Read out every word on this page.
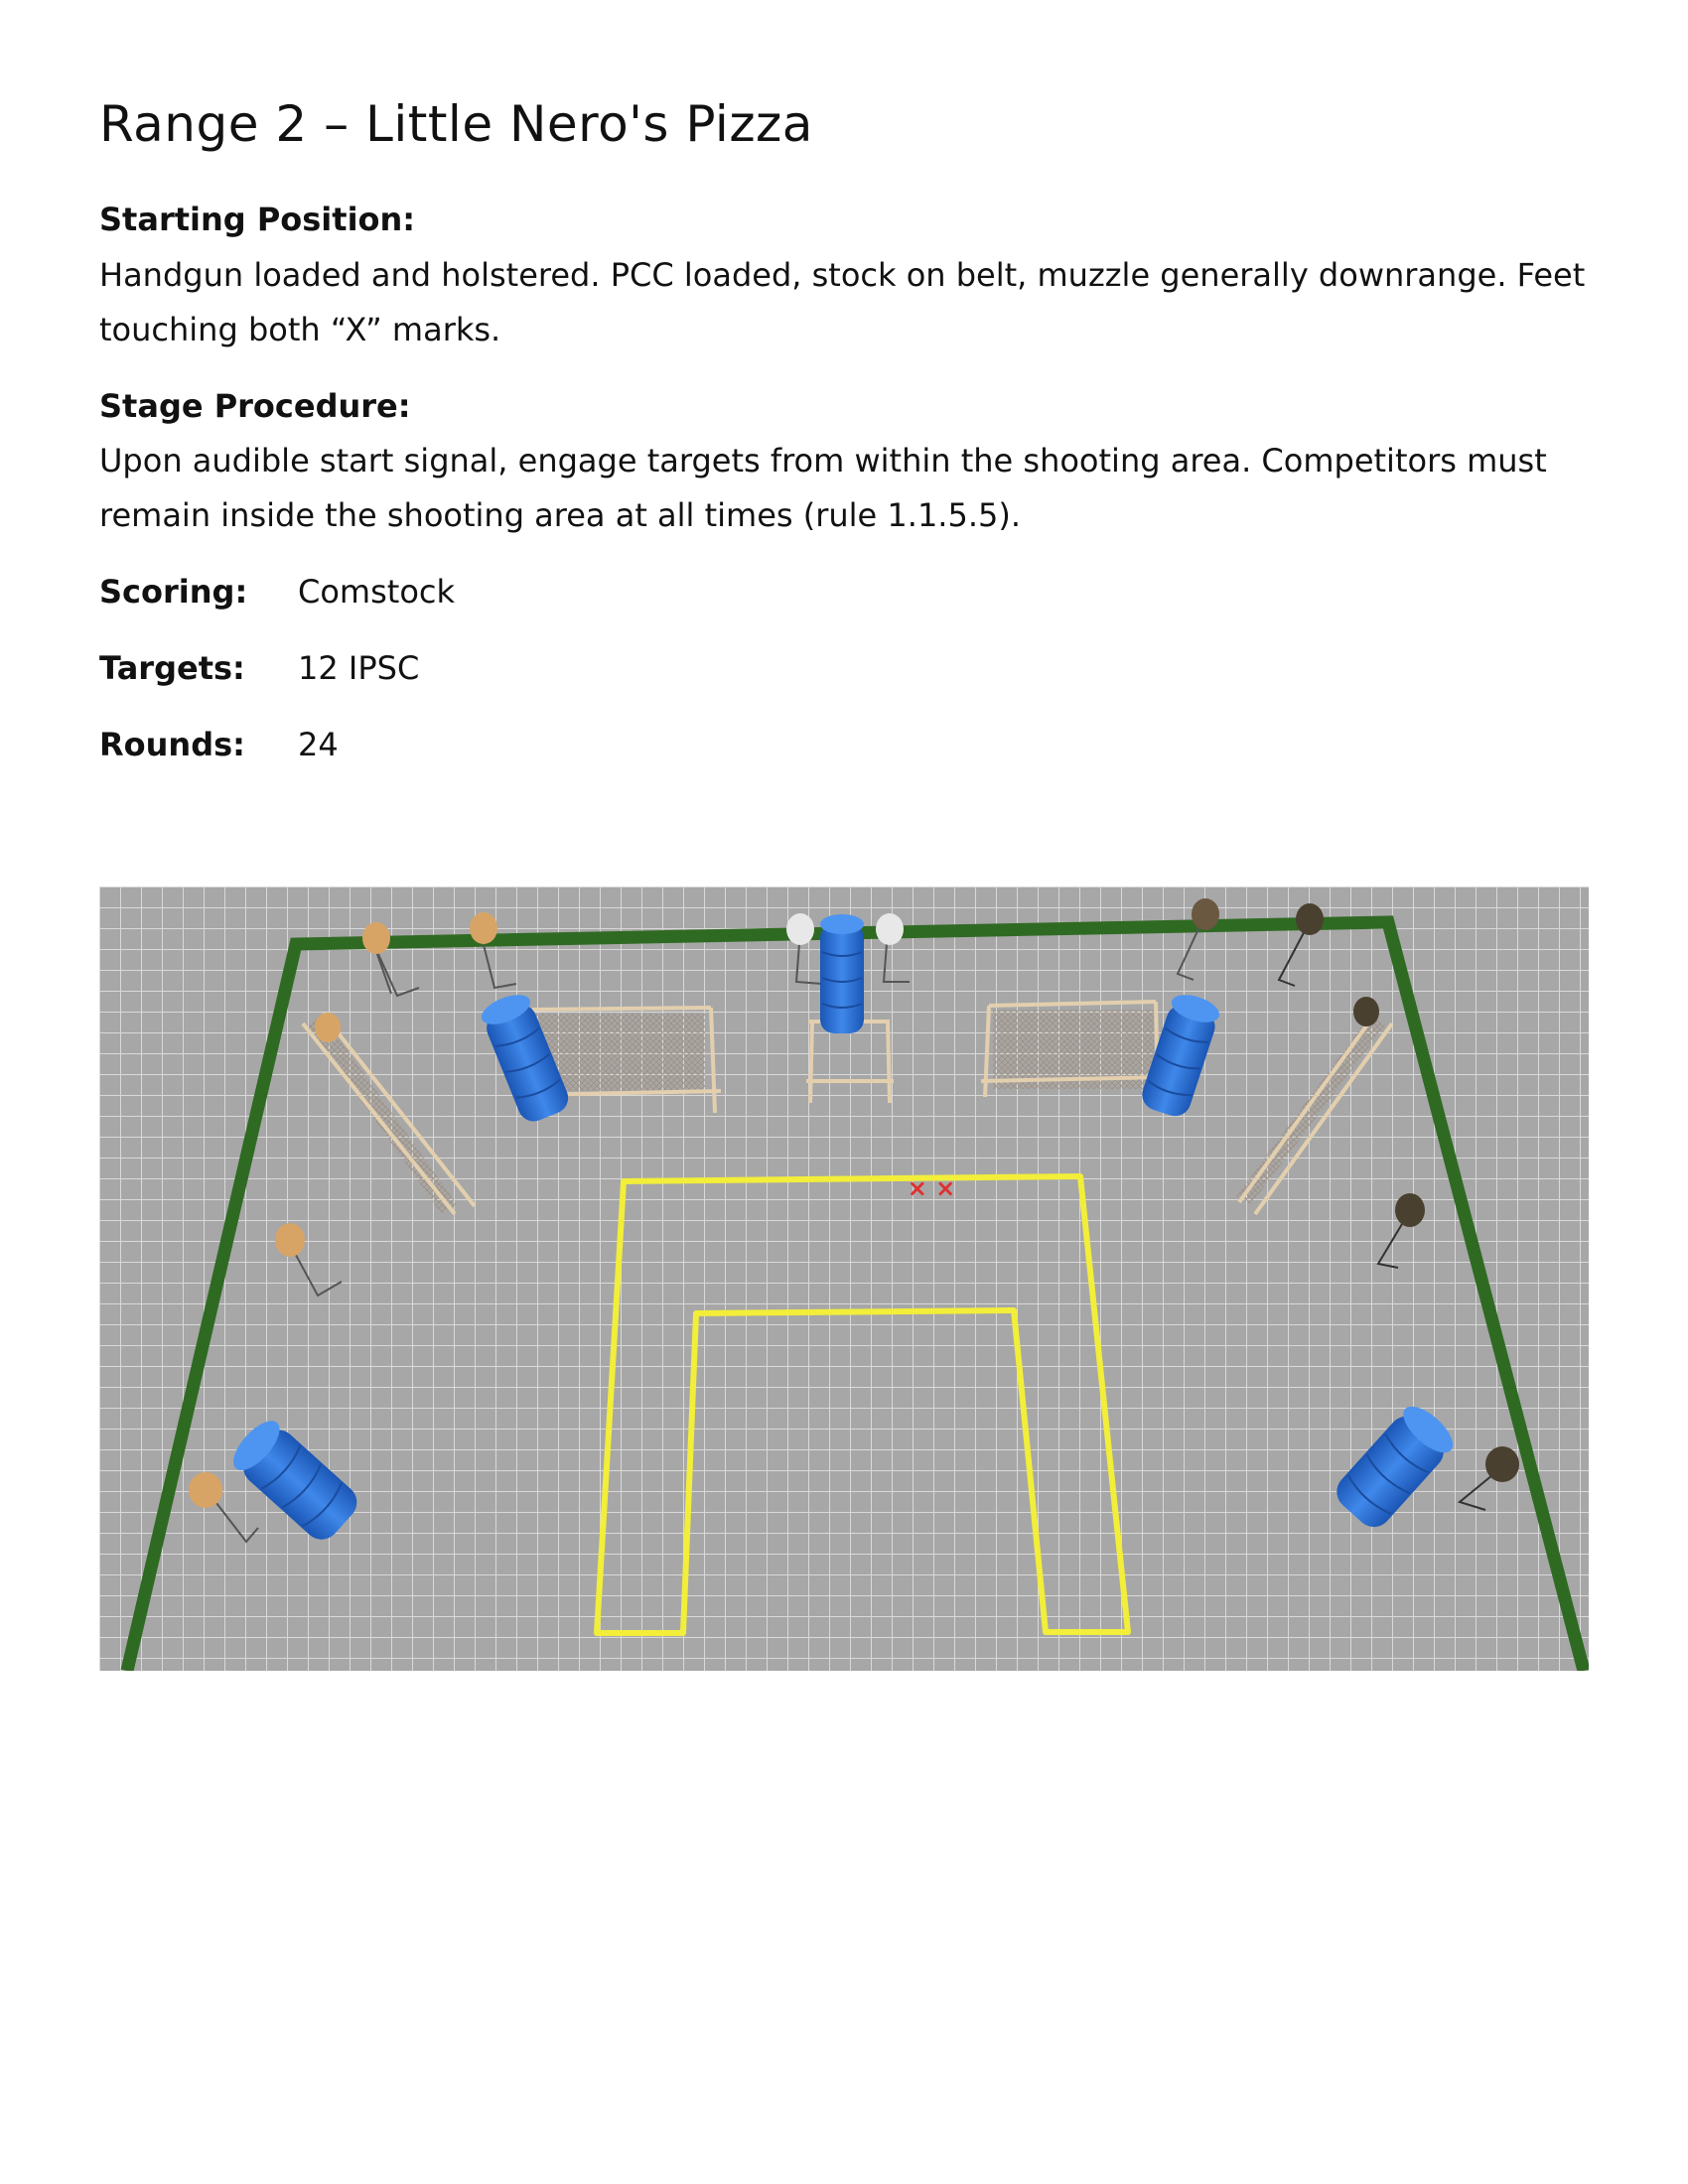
Range 2 – Little Nero's Pizza

Starting Position:

Handgun loaded and holstered. PCC loaded, stock on belt, muzzle generally downrange. Feet touching both “X” marks.

Stage Procedure:

Upon audible start signal, engage targets from within the shooting area. Competitors must remain inside the shooting area at all times (rule 1.1.5.5).

Scoring: Comstock
Targets: 12 IPSC
Rounds: 24
× ×
